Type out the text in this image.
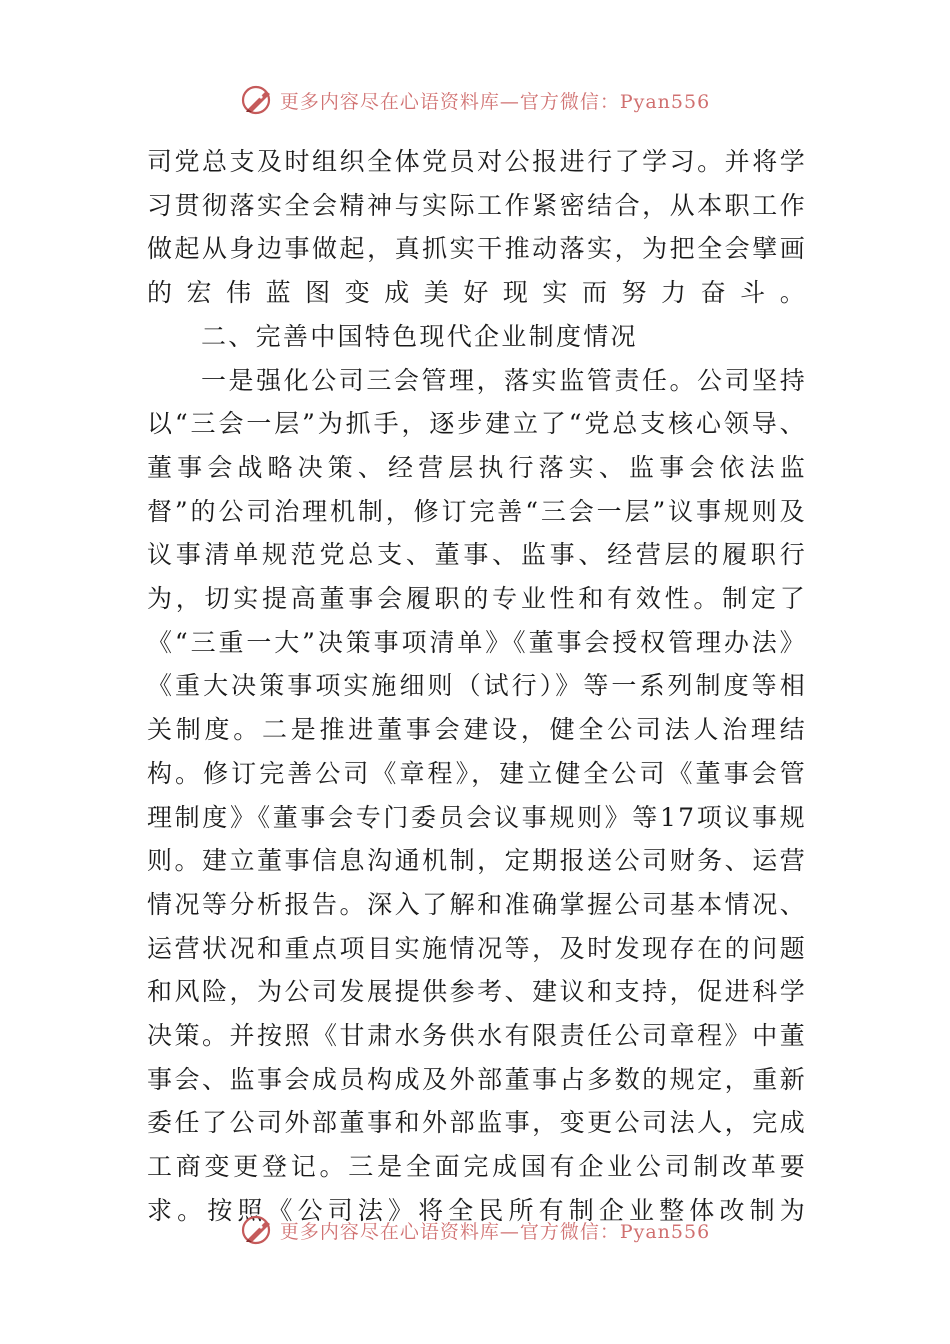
更多内容尽在心语资料库—官方微信：Pyan556

司党总支及时组织全体党员对公报进行了学习。并将学习贯彻落实全会精神与实际工作紧密结合，从本职工作做起从身边事做起，真抓实干推动落实，为把全会擘画的宏伟蓝图变成美好现实而努力奋斗。

二、完善中国特色现代企业制度情况

一是强化公司三会管理，落实监管责任。公司坚持以“三会一层”为抓手，逐步建立了“党总支核心领导、董事会战略决策、经营层执行落实、监事会依法监督”的公司治理机制，修订完善“三会一层”议事规则及议事清单规范党总支、董事、监事、经营层的履职行为，切实提高董事会履职的专业性和有效性。制定了《“三重一大”决策事项清单》《董事会授权管理办法》《重大决策事项实施细则（试行）》等一系列制度等相关制度。二是推进董事会建设，健全公司法人治理结构。修订完善公司《章程》，建立健全公司《董事会管理制度》《董事会专门委员会议事规则》等17项议事规则。建立董事信息沟通机制，定期报送公司财务、运营情况等分析报告。深入了解和准确掌握公司基本情况、运营状况和重点项目实施情况等，及时发现存在的问题和风险，为公司发展提供参考、建议和支持，促进科学决策。并按照《甘肃水务供水有限责任公司章程》中董事会、监事会成员构成及外部董事占多数的规定，重新委任了公司外部董事和外部监事，变更公司法人，完成工商变更登记。三是全面完成国有企业公司制改革要求。按照《公司法》将全民所有制企业整体改制为

更多内容尽在心语资料库—官方微信：Pyan556
